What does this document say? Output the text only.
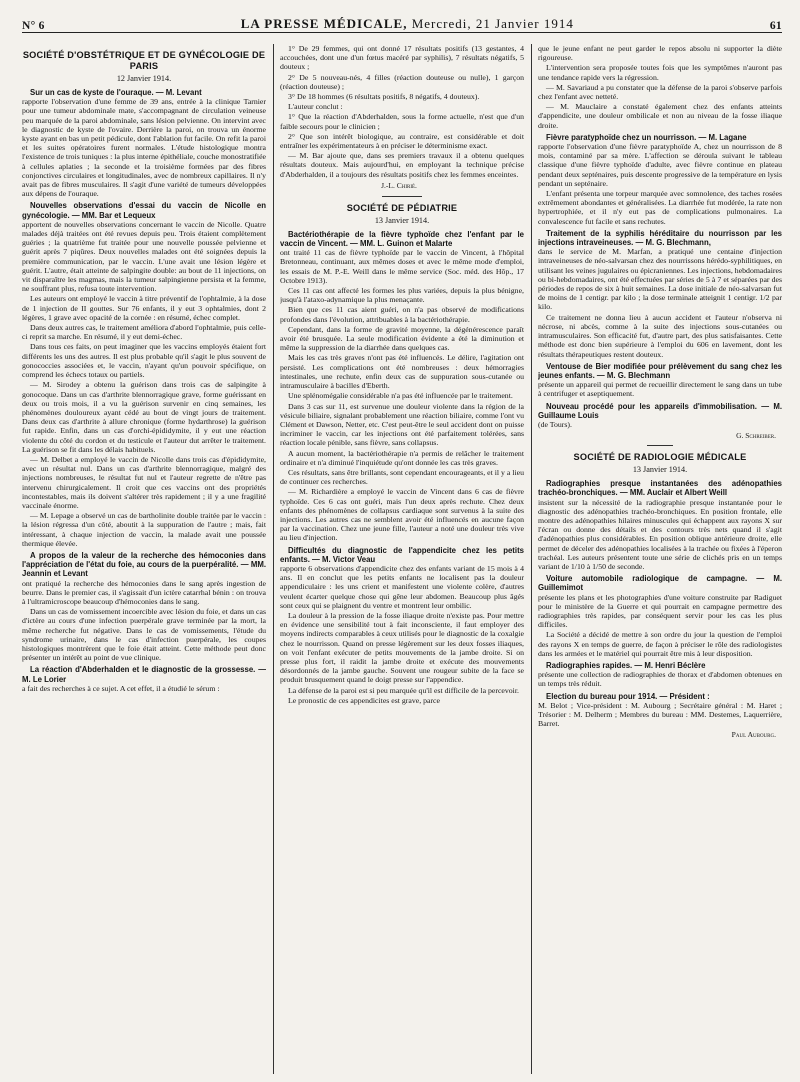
N° 6	LA PRESSE MÉDICALE, Mercredi, 21 Janvier 1914	61
SOCIÉTÉ D'OBSTÉTRIQUE ET DE GYNÉCOLOGIE DE PARIS
12 Janvier 1914.

Sur un cas de kyste de l'ouraque. — M. Levant

rapporte l'observation d'une femme de 39 ans, entrée à la clinique Tarnier pour une tumeur abdominale mate, s'accompagnant de circulation veineuse peu marquée de la paroi abdominale, sans lésion pelvienne. On intervint avec le diagnostic de kyste de l'ovaire. Derrière la paroi, on trouva un énorme kyste ayant en bas un petit pédicule, dont l'ablation fut facile. On refit la paroi et les suites opératoires furent normales. L'étude histologique montra l'existence de trois tuniques : la plus interne épithéliale, couche monostratifiée à cellules aplaties ; la seconde et la troisième formées par des fibres conjonctives circulaires et longitudinales, avec de nombreux capillaires. Il n'y avait pas de fibres musculaires. Il s'agit d'une variété de tumeurs développées aux dépens de l'ouraque.

Nouvelles observations d'essai du vaccin de Nicolle en gynécologie. — MM. Bar et Lequeux

apportent de nouvelles observations concernant le vaccin de Nicolle. Quatre malades déjà traitées ont été revues depuis peu. Trois étaient complètement guéries ; la quatrième fut traitée pour une nouvelle poussée pelvienne et guérit après 7 piqûres. Deux nouvelles malades ont été soignées depuis la première communication, par le vaccin. L'une avait une lésion légère et guérit. L'autre, était atteinte de salpingite double: au bout de 11 injections, on vit disparaître les magmas, mais la tumeur salpingienne persista et la femme, ne souffrant plus, refusa toute intervention.

Les auteurs ont employé le vaccin à titre préventif de l'ophtalmie, à la dose de 1 injection de II gouttes. Sur 76 enfants, il y eut 3 ophtalmies, dont 2 légères, 1 grave avec opacité de la cornée : en résumé, échec complet.

Dans deux autres cas, le traitement améliora d'abord l'ophtalmie, puis celle-ci reprit sa marche. En résumé, il y eut demi-échec.

Dans tous ces faits, on peut imaginer que les vaccins employés étaient fort différents les uns des autres. Il est plus probable qu'il s'agit le plus souvent de gonococcies associées et, le vaccin, n'ayant qu'un pouvoir spécifique, on comprend les échecs totaux ou partiels.

— M. Sirodey a obtenu la guérison dans trois cas de salpingite à gonocoque. Dans un cas d'arthrite blennorragique grave, forme guérissant en deux ou trois mois, il a vu la guérison survenir en cinq semaines, les phénomènes douloureux ayant cédé au bout de vingt jours de traitement. Dans deux cas d'arthrite à allure chronique (forme hydarthrose) la guérison fut rapide. Enfin, dans un cas d'orchi-épididymite, il y eut une réaction violente du côté du cordon et du testicule et l'auteur dut arrêter le traitement. La guérison se fit dans les délais habituels.

— M. Delbet a employé le vaccin de Nicolle dans trois cas d'épididymite, avec un résultat nul. Dans un cas d'arthrite blennorragique, malgré des injections nombreuses, le résultat fut nul et l'auteur regrette de n'être pas intervenu chirurgicalement. Il croit que ces vaccins ont des propriétés incontestables, mais ils doivent s'altérer très rapidement ; il y a une fragilité vaccinale énorme.

— M. Lepage a observé un cas de bartholinite double traitée par le vaccin : la lésion régressa d'un côté, aboutit à la suppuration de l'autre ; mais, fait intéressant, à chaque injection de vaccin, la malade avait une poussée thermique élevée.

A propos de la valeur de la recherche des hémoconies dans l'appréciation de l'état du foie, au cours de la puerpéralité. — MM. Jeannin et Levant

ont pratiqué la recherche des hémoconies dans le sang après ingestion de beurre. Dans le premier cas, il s'agissait d'un ictère catarrhal bénin : on trouva à l'ultramicroscope beaucoup d'hémoconies dans le sang.

Dans un cas de vomissement incoercible avec lésion du foie, et dans un cas d'ictère au cours d'une infection puerpérale grave terminée par la mort, la même recherche fut négative. Dans le cas de vomissements, l'étude du syndrome urinaire, dans le cas d'infection puerpérale, les coupes histologiques montrèrent que le foie était atteint. Cette méthode peut donc présenter un intérêt au point de vue clinique.

La réaction d'Abderhalden et le diagnostic de la grossesse. — M. Le Lorier

a fait des recherches à ce sujet. A cet effet, il a étudié le sérum :

1° De 29 femmes, qui ont donné 17 résultats positifs (13 gestantes, 4 accouchées, dont une d'un fœtus macéré par syphilis), 7 résultats négatifs, 5 douteux ;

2° De 5 nouveau-nés, 4 filles (réaction douteuse ou nulle), 1 garçon (réaction douteuse) ;

3° De 18 hommes (6 résultats positifs, 8 négatifs, 4 douteux).

L'auteur conclut :

1° Que la réaction d'Abderhalden, sous la forme actuelle, n'est que d'un faible secours pour le clinicien ;

2° Que son intérêt biologique, au contraire, est considérable et doit entraîner les expérimentateurs à en préciser le déterminisme exact.

— M. Bar ajoute que, dans ses premiers travaux il a obtenu quelques résultats douteux. Mais aujourd'hui, en employant la technique précise d'Abderhalden, il a toujours des résultats positifs chez les femmes enceintes.

J.-L. Chirié.
SOCIÉTÉ DE PÉDIATRIE
13 Janvier 1914.

Bactériothérapie de la fièvre typhoïde chez l'enfant par le vaccin de Vincent. — MM. L. Guinon et Malarte

ont traité 11 cas de fièvre typhoïde par le vaccin de Vincent, à l'hôpital Bretonneau, continuant, aux mêmes doses et avec le même mode d'emploi, les essais de M. P.-E. Weill dans le même service (Soc. méd. des Hôp., 17 Octobre 1913).

Ces 11 cas ont affecté les formes les plus variées, depuis la plus bénigne, jusqu'à l'ataxo-adynamique la plus menaçante.

Bien que ces 11 cas aient guéri, on n'a pas observé de modifications profondes dans l'évolution, attribuables à la bactériothérapie.

Cependant, dans la forme de gravité moyenne, la dégénérescence paraît avoir été brusquée. La seule modification évidente a été la diminution et même la suppression de la diarrhée dans quelques cas.

Mais les cas très graves n'ont pas été influencés. Le délire, l'agitation ont persisté. Les complications ont été nombreuses : deux hémorragies intestinales, une rechute, enfin deux cas de suppuration sous-cutanée ou intramusculaire à bacilles d'Eberth.

Une splénomégalie considérable n'a pas été influencée par le traitement.

Dans 3 cas sur 11, est survenue une douleur violente dans la région de la vésicule biliaire, signalant probablement une réaction biliaire, comme l'ont vu Clément et Dawson, Netter, etc. C'est peut-être le seul accident dont on puisse incriminer le vaccin, car les injections ont été parfaitement tolérées, sans réaction locale pénible, sans fièvre, sans collapsus.

A aucun moment, la bactériothérapie n'a permis de relâcher le traitement ordinaire et n'a diminué l'inquiétude qu'ont donnée les cas très graves.

Ces résultats, sans être brillants, sont cependant encourageants, et il y a lieu de continuer ces recherches.

— M. Richardière a employé le vaccin de Vincent dans 6 cas de fièvre typhoïde. Ces 6 cas ont guéri, mais l'un deux après rechute. Chez deux enfants des phénomènes de collapsus cardiaque sont survenus à la suite des injections. Les autres cas ne semblent avoir été influencés en aucune façon par la vaccination. Chez une jeune fille, l'auteur a noté une douleur très vive au lieu d'injection.

Difficultés du diagnostic de l'appendicite chez les petits enfants. — M. Victor Veau

rapporte 6 observations d'appendicite chez des enfants variant de 15 mois à 4 ans. Il en conclut que les petits enfants ne localisent pas la douleur appendiculaire : les uns crient et manifestent une violente colère, d'autres veulent écarter quelque chose qui gêne leur abdomen. Beaucoup plus âgés sont ceux qui se plaignent du ventre et montrent leur ombilic.

La douleur à la pression de la fosse iliaque droite n'existe pas. Pour mettre en évidence une sensibilité tout à fait inconsciente, il faut employer des moyens indirects comparables à ceux utilisés pour le diagnostic de la coxalgie chez le nourrisson. Quand on presse légèrement sur les deux fosses iliaques, on voit l'enfant exécuter de petits mouvements de la jambe droite. Si on presse plus fort, il raidit la jambe droite et exécute des mouvements désordonnés de la jambe gauche. Souvent une rougeur subite de la face se produit brusquement quand le doigt presse sur l'appendice.

La défense de la paroi est si peu marquée qu'il est difficile de la percevoir.

Le pronostic de ces appendicites est grave, parce

que le jeune enfant ne peut garder le repos absolu ni supporter la diète rigoureuse.

L'intervention sera proposée toutes fois que les symptômes n'auront pas une tendance rapide vers la régression.

— M. Savariaud a pu constater que la défense de la paroi s'observe parfois chez l'enfant avec netteté.

— M. Mauclaire a constaté également chez des enfants atteints d'appendicite, une douleur ombilicale et non au niveau de la fosse iliaque droite.

Fièvre paratyphoïde chez un nourrisson. — M. Lagane

rapporte l'observation d'une fièvre paratyphoïde A, chez un nourrisson de 8 mois, contaminé par sa mère. L'affection se déroula suivant le tableau classique d'une fièvre typhoïde d'adulte, avec fièvre continue en plateau pendant deux septénaires, puis descente progressive de la température en lysis pendant un septénaire.

L'enfant présenta une torpeur marquée avec somnolence, des taches rosées extrêmement abondantes et généralisées. La diarrhée fut modérée, la rate non hypertrophiée, et il n'y eut pas de complications pulmonaires. La convalescence fut facile et sans rechutes.

Traitement de la syphilis héréditaire du nourrisson par les injections intraveineuses. — M. G. Blechmann,

dans le service de M. Marfan, a pratiqué une centaine d'injection intraveineuses de néo-salvarsan chez des nourrissons hérédo-syphilitiques, en utilisant les veines jugulaires ou épicraniennes. Les injections, hebdomadaires ou bi-hebdomadaires, ont été effectuées par séries de 5 à 7 et séparées par des périodes de repos de six à huit semaines. La dose initiale de néo-salvarsan fut de moins de 1 centigr. par kilo ; la dose terminale atteignit 1 centigr. 1/2 par kilo.

Ce traitement ne donna lieu à aucun accident et l'auteur n'observa ni nécrose, ni abcès, comme à la suite des injections sous-cutanées ou intramusculaires. Son efficacité fut, d'autre part, des plus satisfaisantes. Cette méthode est donc bien supérieure à l'emploi du 606 en lavement, dont les résultats thérapeutiques restent douteux.

Ventouse de Bier modifiée pour prélèvement du sang chez les jeunes enfants. — M. G. Blechmann

présente un appareil qui permet de recueillir directement le sang dans un tube à centrifuger et aseptiquement.

Nouveau procédé pour les appareils d'immobilisation. — M. Guillaume Louis

(de Tours).

G. Schreiber.
SOCIÉTÉ DE RADIOLOGIE MÉDICALE
13 Janvier 1914.

Radiographies presque instantanées des adénopathies trachéo-bronchiques. — MM. Auclair et Albert Weill

insistent sur la nécessité de la radiographie presque instantanée pour le diagnostic des adénopathies trachéo-bronchiques. En position frontale, elle montre des adénopathies hilaires minuscules qui échappent aux rayons X sur l'écran ou donne des détails et des contours très nets quand il s'agit d'adénopathies plus considérables. En position oblique antérieure droite, elle permet de déceler des adénopathies localisées à la trachée ou fixées à l'éperon trachéal. Les auteurs présentent toute une série de clichés pris en un temps variant de 1/10 à 1/50 de seconde.

Voiture automobile radiologique de campagne. — M. Guillemimot

présente les plans et les photographies d'une voiture construite par Radiguet pour le ministère de la Guerre et qui pourrait en campagne permettre des radiographies très rapides, par conséquent servir pour les cas les plus difficiles.

La Société a décidé de mettre à son ordre du jour la question de l'emploi des rayons X en temps de guerre, de façon à préciser le rôle des radiologistes dans les armées et le matériel qui pourrait être mis à leur disposition.

Radiographies rapides. — M. Henri Béclère

présente une collection de radiographies de thorax et d'abdomen obtenues en un temps très réduit.

Election du bureau pour 1914. — Président :

M. Belot ; Vice-président : M. Aubourg ; Secrétaire général : M. Haret ; Trésorier : M. Delherm ; Membres du bureau : MM. Destemes, Laquerrière, Barret.

Paul Aubourg.
